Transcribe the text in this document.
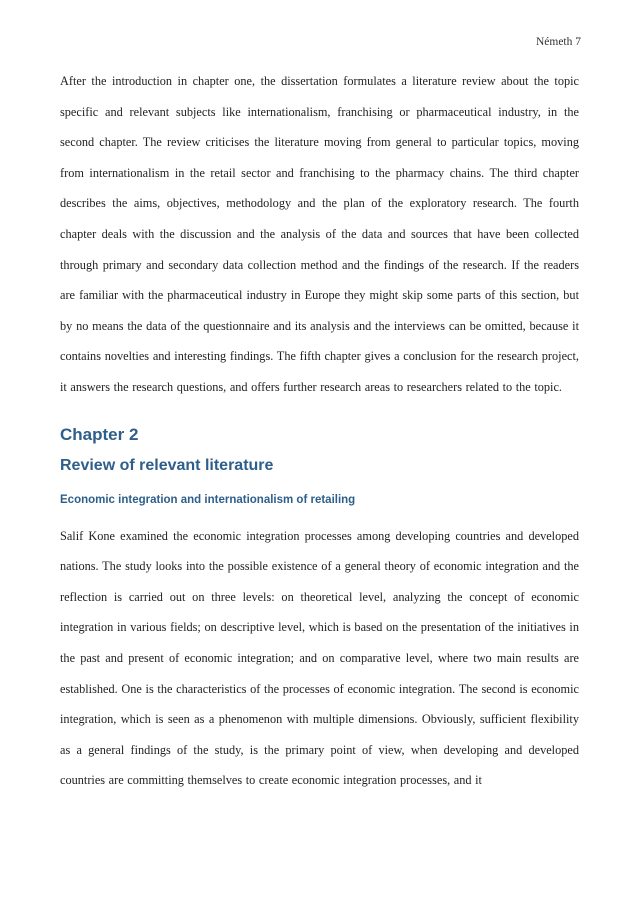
Németh 7

After the introduction in chapter one, the dissertation formulates a literature review about the topic specific and relevant subjects like internationalism, franchising or pharmaceutical industry, in the second chapter. The review criticises the literature moving from general to particular topics, moving from internationalism in the retail sector and franchising to the pharmacy chains. The third chapter describes the aims, objectives, methodology and the plan of the exploratory research. The fourth chapter deals with the discussion and the analysis of the data and sources that have been collected through primary and secondary data collection method and the findings of the research. If the readers are familiar with the pharmaceutical industry in Europe they might skip some parts of this section, but by no means the data of the questionnaire and its analysis and the interviews can be omitted, because it contains novelties and interesting findings. The fifth chapter gives a conclusion for the research project, it answers the research questions, and offers further research areas to researchers related to the topic.

Chapter 2
Review of relevant literature
Economic integration and internationalism of retailing

Salif Kone examined the economic integration processes among developing countries and developed nations. The study looks into the possible existence of a general theory of economic integration and the reflection is carried out on three levels: on theoretical level, analyzing the concept of economic integration in various fields; on descriptive level, which is based on the presentation of the initiatives in the past and present of economic integration; and on comparative level, where two main results are established. One is the characteristics of the processes of economic integration. The second is economic integration, which is seen as a phenomenon with multiple dimensions. Obviously, sufficient flexibility as a general findings of the study, is the primary point of view, when developing and developed countries are committing themselves to create economic integration processes, and it
